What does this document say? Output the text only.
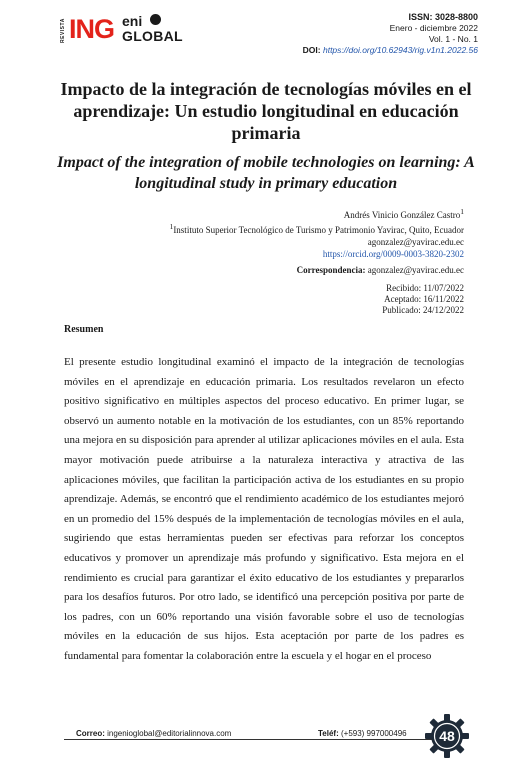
REVISTA ING eni
GLOBAL
ISSN: 3028-8800
Enero - diciembre 2022
Vol. 1 - No. 1
DOI: https://doi.org/10.62943/rig.v1n1.2022.56
Impacto de la integración de tecnologías móviles en el aprendizaje: Un estudio longitudinal en educación primaria
Impact of the integration of mobile technologies on learning: A longitudinal study in primary education
Andrés Vinicio González Castro$^1$
$^1$Instituto Superior Tecnológico de Turismo y Patrimonio Yavirac, Quito, Ecuador
agonzalez@yavirac.edu.ec
https://orcid.org/0009-0003-3820-2302
Correspondencia: agonzalez@yavirac.edu.ec
Recibido: 11/07/2022
Aceptado: 16/11/2022
Publicado: 24/12/2022
Resumen

El presente estudio longitudinal examinó el impacto de la integración de tecnologías móviles en el aprendizaje en educación primaria. Los resultados revelaron un efecto positivo significativo en múltiples aspectos del proceso educativo. En primer lugar, se observó un aumento notable en la motivación de los estudiantes, con un 85% reportando una mejora en su disposición para aprender al utilizar aplicaciones móviles en el aula. Esta mayor motivación puede atribuirse a la naturaleza interactiva y atractiva de las aplicaciones móviles, que facilitan la participación activa de los estudiantes en su propio aprendizaje. Además, se encontró que el rendimiento académico de los estudiantes mejoró en un promedio del 15% después de la implementación de tecnologías móviles en el aula, sugiriendo que estas herramientas pueden ser efectivas para reforzar los conceptos educativos y promover un aprendizaje más profundo y significativo. Esta mejora en el rendimiento es crucial para garantizar el éxito educativo de los estudiantes y prepararlos para los desafíos futuros. Por otro lado, se identificó una percepción positiva por parte de los padres, con un 60% reportando una visión favorable sobre el uso de tecnologías móviles en la educación de sus hijos. Esta aceptación por parte de los padres es fundamental para fomentar la colaboración entre la escuela y el hogar en el proceso

Correo: ingenioglobal@editorialinnova.com	Teléf: (+593) 997000496	48
